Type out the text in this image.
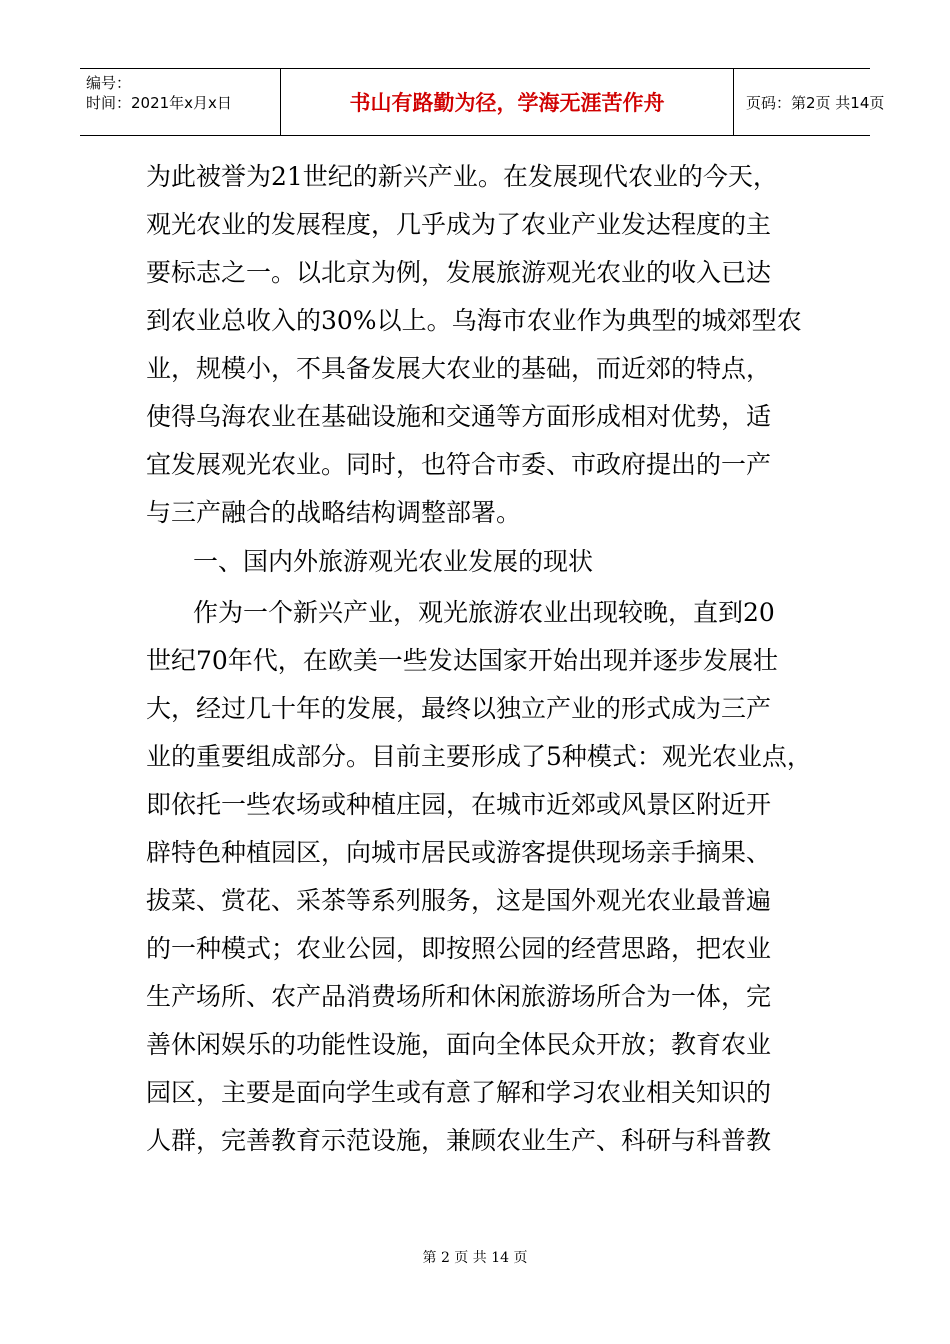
编号：
时间：2021年x月x日	书山有路勤为径，学海无涯苦作舟	页码：第2页 共14页
为此被誉为21世纪的新兴产业。在发展现代农业的今天，
观光农业的发展程度，几乎成为了农业产业发达程度的主
要标志之一。以北京为例，发展旅游观光农业的收入已达
到农业总收入的30%以上。乌海市农业作为典型的城郊型农
业，规模小，不具备发展大农业的基础，而近郊的特点，
使得乌海农业在基础设施和交通等方面形成相对优势，适
宜发展观光农业。同时，也符合市委、市政府提出的一产
与三产融合的战略结构调整部署。
一、国内外旅游观光农业发展的现状
作为一个新兴产业，观光旅游农业出现较晚，直到20
世纪70年代，在欧美一些发达国家开始出现并逐步发展壮
大，经过几十年的发展，最终以独立产业的形式成为三产
业的重要组成部分。目前主要形成了5种模式：观光农业点，
即依托一些农场或种植庄园，在城市近郊或风景区附近开
辟特色种植园区，向城市居民或游客提供现场亲手摘果、
拔菜、赏花、采茶等系列服务，这是国外观光农业最普遍
的一种模式；农业公园，即按照公园的经营思路，把农业
生产场所、农产品消费场所和休闲旅游场所合为一体，完
善休闲娱乐的功能性设施，面向全体民众开放；教育农业
园区，主要是面向学生或有意了解和学习农业相关知识的
人群，完善教育示范设施，兼顾农业生产、科研与科普教
第 2 页 共 14 页
